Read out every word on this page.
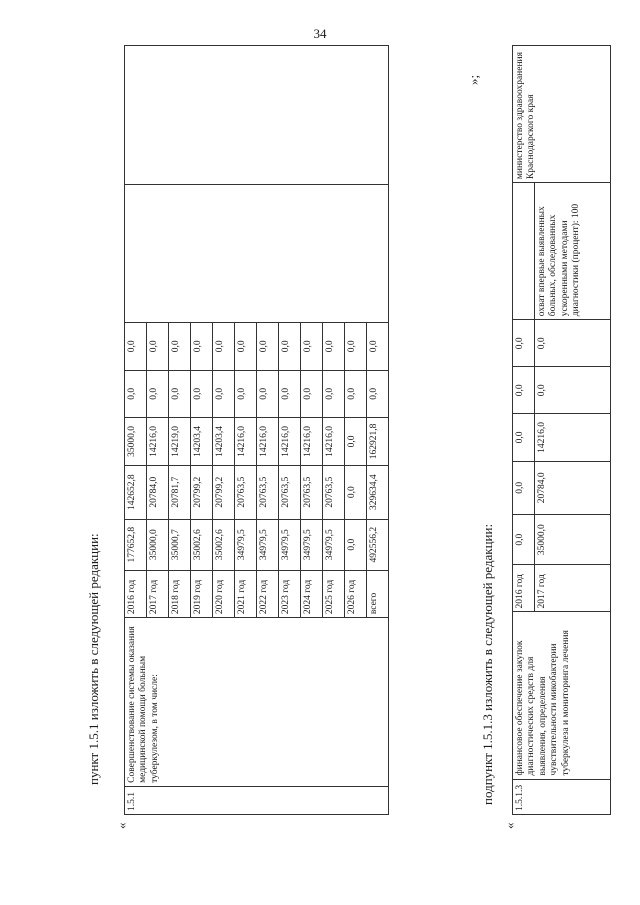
34
пункт 1.5.1 изложить в следующей редакции:
«
1.5.1	Совершенствование системы оказания медицинской помощи больным туберкулезом, в том числе:	2016 год	177652,8	142652,8	35000,0	0,0	0,0		
		2017 год	35000,0	20784,0	14216,0	0,0	0,0		
		2018 год	35000,7	20781,7	14219,0	0,0	0,0		
		2019 год	35002,6	20799,2	14203,4	0,0	0,0		
		2020 год	35002,6	20799,2	14203,4	0,0	0,0		
		2021 год	34979,5	20763,5	14216,0	0,0	0,0		
		2022 год	34979,5	20763,5	14216,0	0,0	0,0		
		2023 год	34979,5	20763,5	14216,0	0,0	0,0		
		2024 год	34979,5	20763,5	14216,0	0,0	0,0		
		2025 год	34979,5	20763,5	14216,0	0,0	0,0		
		2026 год	0,0	0,0	0,0	0,0	0,0		
		всего	492556,2	329634,4	162921,8	0,0	0,0		
»;
подпункт 1.5.1.3 изложить в следующей редакции:
«
1.5.1.3	финансовое обеспечение закупок диагностических средств для выявления, определения чувствительности микобактерии туберкулеза и мониторинга лечения	2016 год	0,0	0,0	0,0	0,0	0,0		министерство здравоохранения Краснодарского края
		2017 год	35000,0	20784,0	14216,0	0,0	0,0	охват впервые выявленных больных, обследованных ускоренными методами диагностики (процент): 100	
